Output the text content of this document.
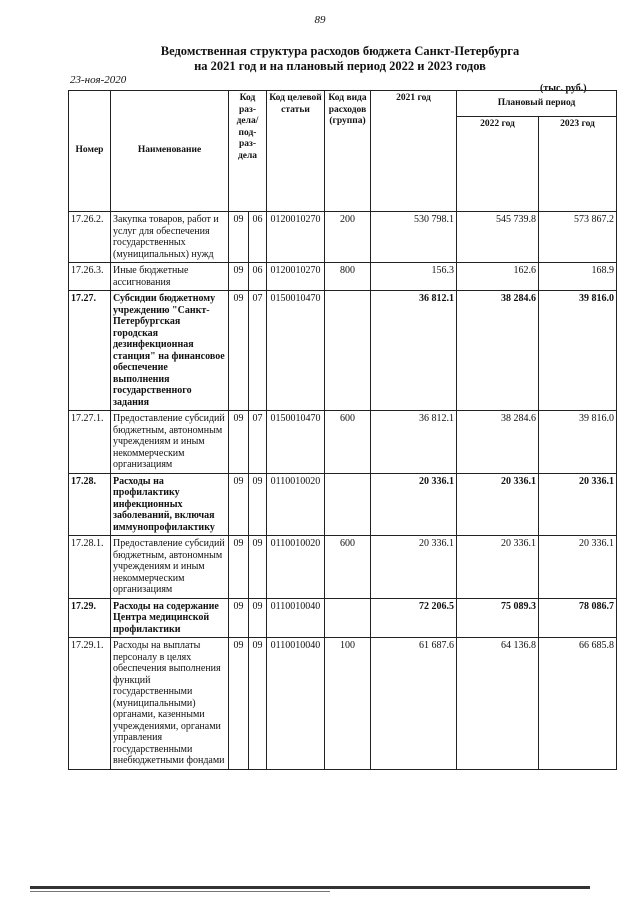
89
Ведомственная структура расходов бюджета Санкт-Петербурга
на 2021 год и на плановый период 2022 и 2023 годов
23-ноя-2020
(тыс. руб.)
Номер	Наименование	Код раз-дела/ под-раз-дела		Код целевой статьи	Код вида расходов (группа)	2021 год	Плановый период	
							2022 год	2023 год
17.26.2.	Закупка товаров, работ и услуг для обеспечения государственных (муниципальных) нужд	09	06	0120010270	200	530 798.1	545 739.8	573 867.2
17.26.3.	Иные бюджетные ассигнования	09	06	0120010270	800	156.3	162.6	168.9
17.27.	Субсидии бюджетному учреждению "Санкт-Петербургская городская дезинфекционная станция" на финансовое обеспечение выполнения государственного задания	09	07	0150010470		36 812.1	38 284.6	39 816.0
17.27.1.	Предоставление субсидий бюджетным, автономным учреждениям и иным некоммерческим организациям	09	07	0150010470	600	36 812.1	38 284.6	39 816.0
17.28.	Расходы на профилактику инфекционных заболеваний, включая иммунопрофилактику	09	09	0110010020		20 336.1	20 336.1	20 336.1
17.28.1.	Предоставление субсидий бюджетным, автономным учреждениям и иным некоммерческим организациям	09	09	0110010020	600	20 336.1	20 336.1	20 336.1
17.29.	Расходы на содержание Центра медицинской профилактики	09	09	0110010040		72 206.5	75 089.3	78 086.7
17.29.1.	Расходы на выплаты персоналу в целях обеспечения выполнения функций государственными (муниципальными) органами, казенными учреждениями, органами управления государственными внебюджетными фондами	09	09	0110010040	100	61 687.6	64 136.8	66 685.8
